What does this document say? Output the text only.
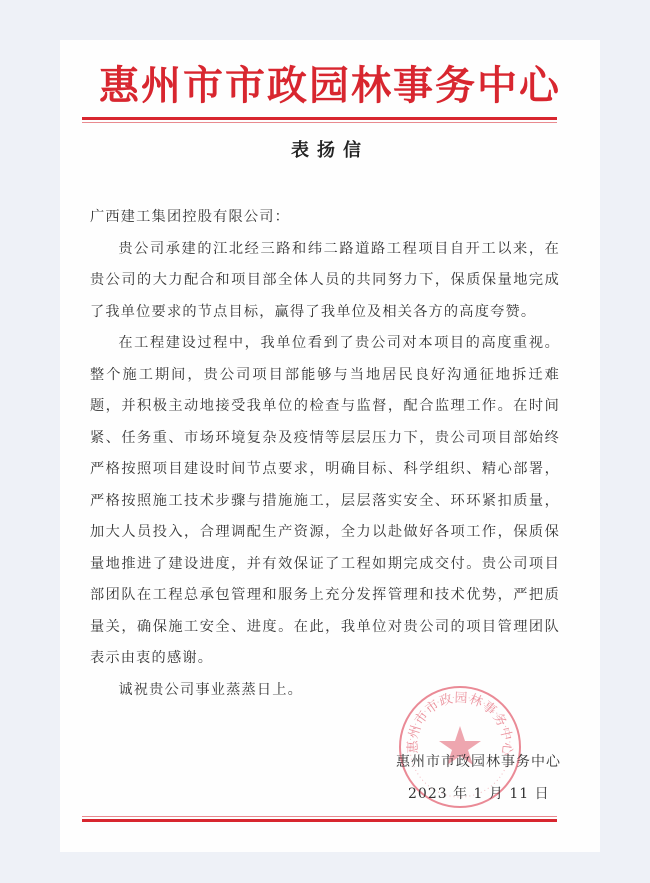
惠州市市政园林事务中心
表扬信

广西建工集团控股有限公司：

贵公司承建的江北经三路和纬二路道路工程项目自开工以来，在贵公司的大力配合和项目部全体人员的共同努力下，保质保量地完成了我单位要求的节点目标，赢得了我单位及相关各方的高度夸赞。

在工程建设过程中，我单位看到了贵公司对本项目的高度重视。整个施工期间，贵公司项目部能够与当地居民良好沟通征地拆迁难题，并积极主动地接受我单位的检查与监督，配合监理工作。在时间紧、任务重、市场环境复杂及疫情等层层压力下，贵公司项目部始终严格按照项目建设时间节点要求，明确目标、科学组织、精心部署，严格按照施工技术步骤与措施施工，层层落实安全、环环紧扣质量，加大人员投入，合理调配生产资源，全力以赴做好各项工作，保质保量地推进了建设进度，并有效保证了工程如期完成交付。贵公司项目部团队在工程总承包管理和服务上充分发挥管理和技术优势，严把质量关，确保施工安全、进度。在此，我单位对贵公司的项目管理团队表示由衷的感谢。

诚祝贵公司事业蒸蒸日上。

惠州市市政园林事务中心
惠州市市政园林事务中心
2023 年 1 月 11 日
